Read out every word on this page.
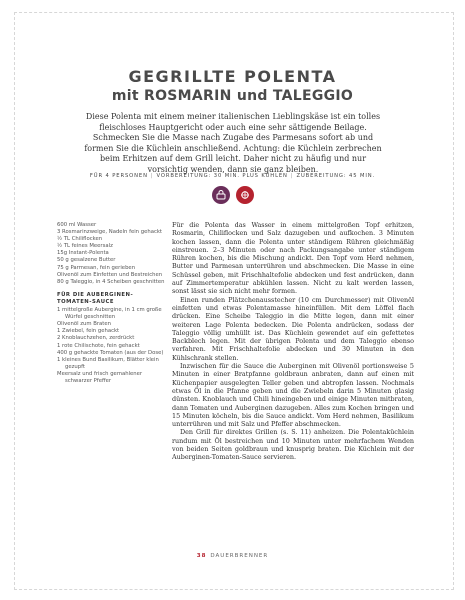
GEGRILLTE POLENTA
mit ROSMARIN und TALEGGIO
Diese Polenta mit einem meiner italienischen Lieblingskäse ist ein tolles fleischloses Hauptgericht oder auch eine sehr sättigende Beilage. Schmecken Sie die Masse nach Zugabe des Parmesans sofort ab und formen Sie die Küchlein anschließend. Achtung: die Küchlein zerbrechen beim Erhitzen auf dem Grill leicht. Daher nicht zu häufig und nur vorsichtig wenden, dann sie ganz bleiben.
FÜR 4 PERSONEN | VORBEREITUNG: 30 MIN. PLUS KÜHLEN | ZUBEREITUNG: 45 MIN.
600 ml Wasser
3 Rosmarinzweige, Nadeln fein gehackt
½ TL Chiliflocken
½ TL feines Meersalz
15g Instant-Polenta
50 g gesalzene Butter
75 g Parmesan, fein gerieben
Olivenöl zum Einfetten und Bestreichen
80 g Taleggio, in 4 Scheiben geschnitten
FÜR DIE AUBERGINEN-TOMATEN-SAUCE
1 mittelgroße Aubergine, in 1 cm große Würfel geschnitten
Olivenöl zum Braten
1 Zwiebel, fein gehackt
2 Knoblauchzehen, zerdrückt
1 rote Chilischote, fein gehackt
400 g gehackte Tomaten (aus der Dose)
1 kleines Bund Basilikum, Blätter klein gezupft
Meersalz und frisch gemahlener schwarzer Pfeffer

Für die Polenta das Wasser in einem mittelgroßen Topf erhitzen, Rosmarin, Chiliflocken und Salz dazugeben und aufkochen. 3 Minuten kochen lassen, dann die Polenta unter ständigem Rühren gleichmäßig einstreuen. 2–3 Minuten oder nach Packungsangabe unter ständigem Rühren kochen, bis die Mischung andickt. Den Topf vom Herd nehmen, Butter und Parmesan unterrühren und abschmecken. Die Masse in eine Schüssel geben, mit Frischhaltefolie abdecken und fest andrücken, dann auf Zimmertemperatur abkühlen lassen. Nicht zu kalt werden lassen, sonst lässt sie sich nicht mehr formen.

Einen runden Plätzchenausstecher (10 cm Durchmesser) mit Olivenöl einfetten und etwas Polentamasse hineinfüllen. Mit dem Löffel flach drücken. Eine Scheibe Taleggio in die Mitte legen, dann mit einer weiteren Lage Polenta bedecken. Die Polenta andrücken, sodass der Taleggio völlig umhüllt ist. Das Küchlein gewendet auf ein gefettetes Backblech legen. Mit der übrigen Polenta und dem Taleggio ebenso verfahren. Mit Frischhaltefolie abdecken und 30 Minuten in den Kühlschrank stellen.

Inzwischen für die Sauce die Auberginen mit Olivenöl portionsweise 5 Minuten in einer Bratpfanne goldbraun anbraten, dann auf einen mit Küchenpapier ausgelegten Teller geben und abtropfen lassen. Nochmals etwas Öl in die Pfanne geben und die Zwiebeln darin 5 Minuten glasig dünsten. Knoblauch und Chili hineingeben und einige Minuten mitbraten, dann Tomaten und Auberginen dazugeben. Alles zum Kochen bringen und 15 Minuten köcheln, bis die Sauce andickt. Vom Herd nehmen, Basilikum unterrühren und mit Salz und Pfeffer abschmecken.

Den Grill für direktes Grillen (s. S. 11) anheizen. Die Polentaküchlein rundum mit Öl bestreichen und 10 Minuten unter mehrfachem Wenden von beiden Seiten goldbraun und knusprig braten. Die Küchlein mit der Auberginen-Tomaten-Sauce servieren.

38 DAUERBRENNER
